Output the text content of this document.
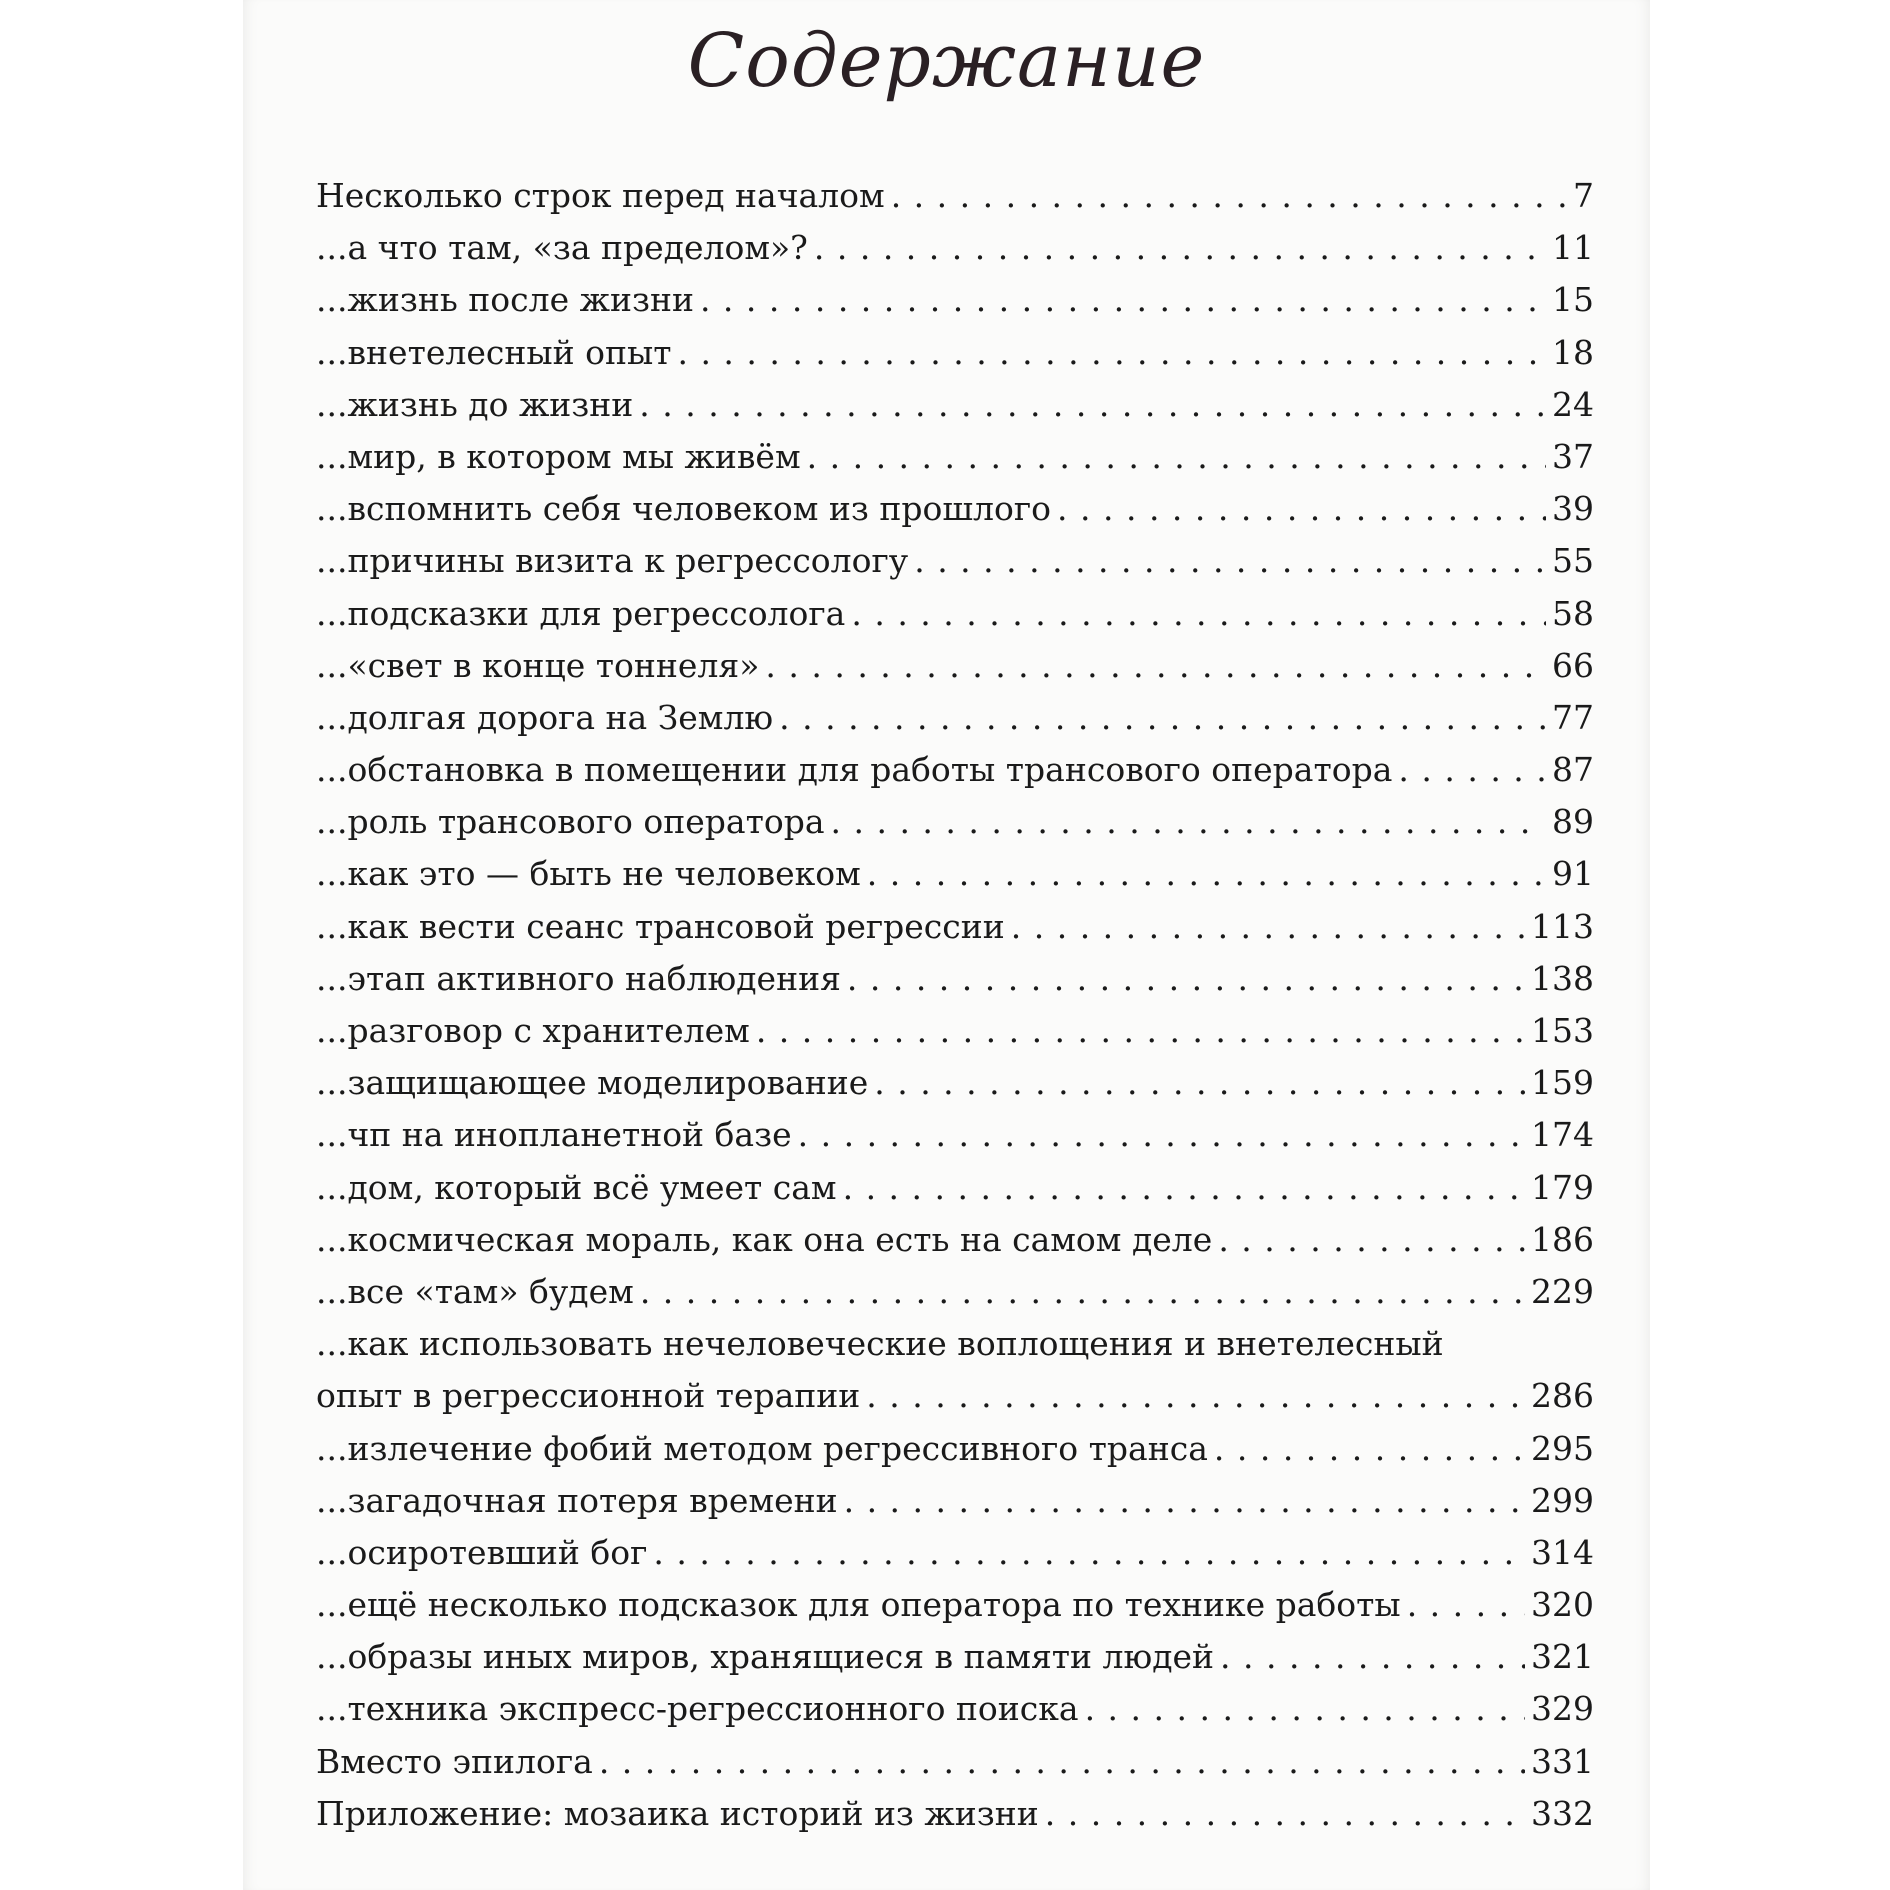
Содержание
Несколько строк перед началом . . .	7
...а что там, «за пределом»? . . .	11
...жизнь после жизни . . .	15
...внетелесный опыт . . .	18
...жизнь до жизни . . .	24
...мир, в котором мы живём . . .	37
...вспомнить себя человеком из прошлого . . .	39
...причины визита к регрессологу . . .	55
...подсказки для регрессолога . . .	58
...«свет в конце тоннеля» . . .	66
...долгая дорога на Землю . . .	77
...обстановка в помещении для работы трансового оператора . . .	87
...роль трансового оператора . . .	89
...как это — быть не человеком . . .	91
...как вести сеанс трансовой регрессии . . .	113
...этап активного наблюдения . . .	138
...разговор с хранителем . . .	153
...защищающее моделирование . . .	159
...чп на инопланетной базе . . .	174
...дом, который всё умеет сам . . .	179
...космическая мораль, как она есть на самом деле . . .	186
...все «там» будем . . .	229
...как использовать нечеловеческие воплощения и внетелесный
опыт в регрессионной терапии . . .	286
...излечение фобий методом регрессивного транса . . .	295
...загадочная потеря времени . . .	299
...осиротевший бог . . .	314
...ещё несколько подсказок для оператора по технике работы . . .	320
...образы иных миров, хранящиеся в памяти людей . . .	321
...техника экспресс-регрессионного поиска . . .	329
Вместо эпилога . . .	331
Приложение: мозаика историй из жизни . . .	332
